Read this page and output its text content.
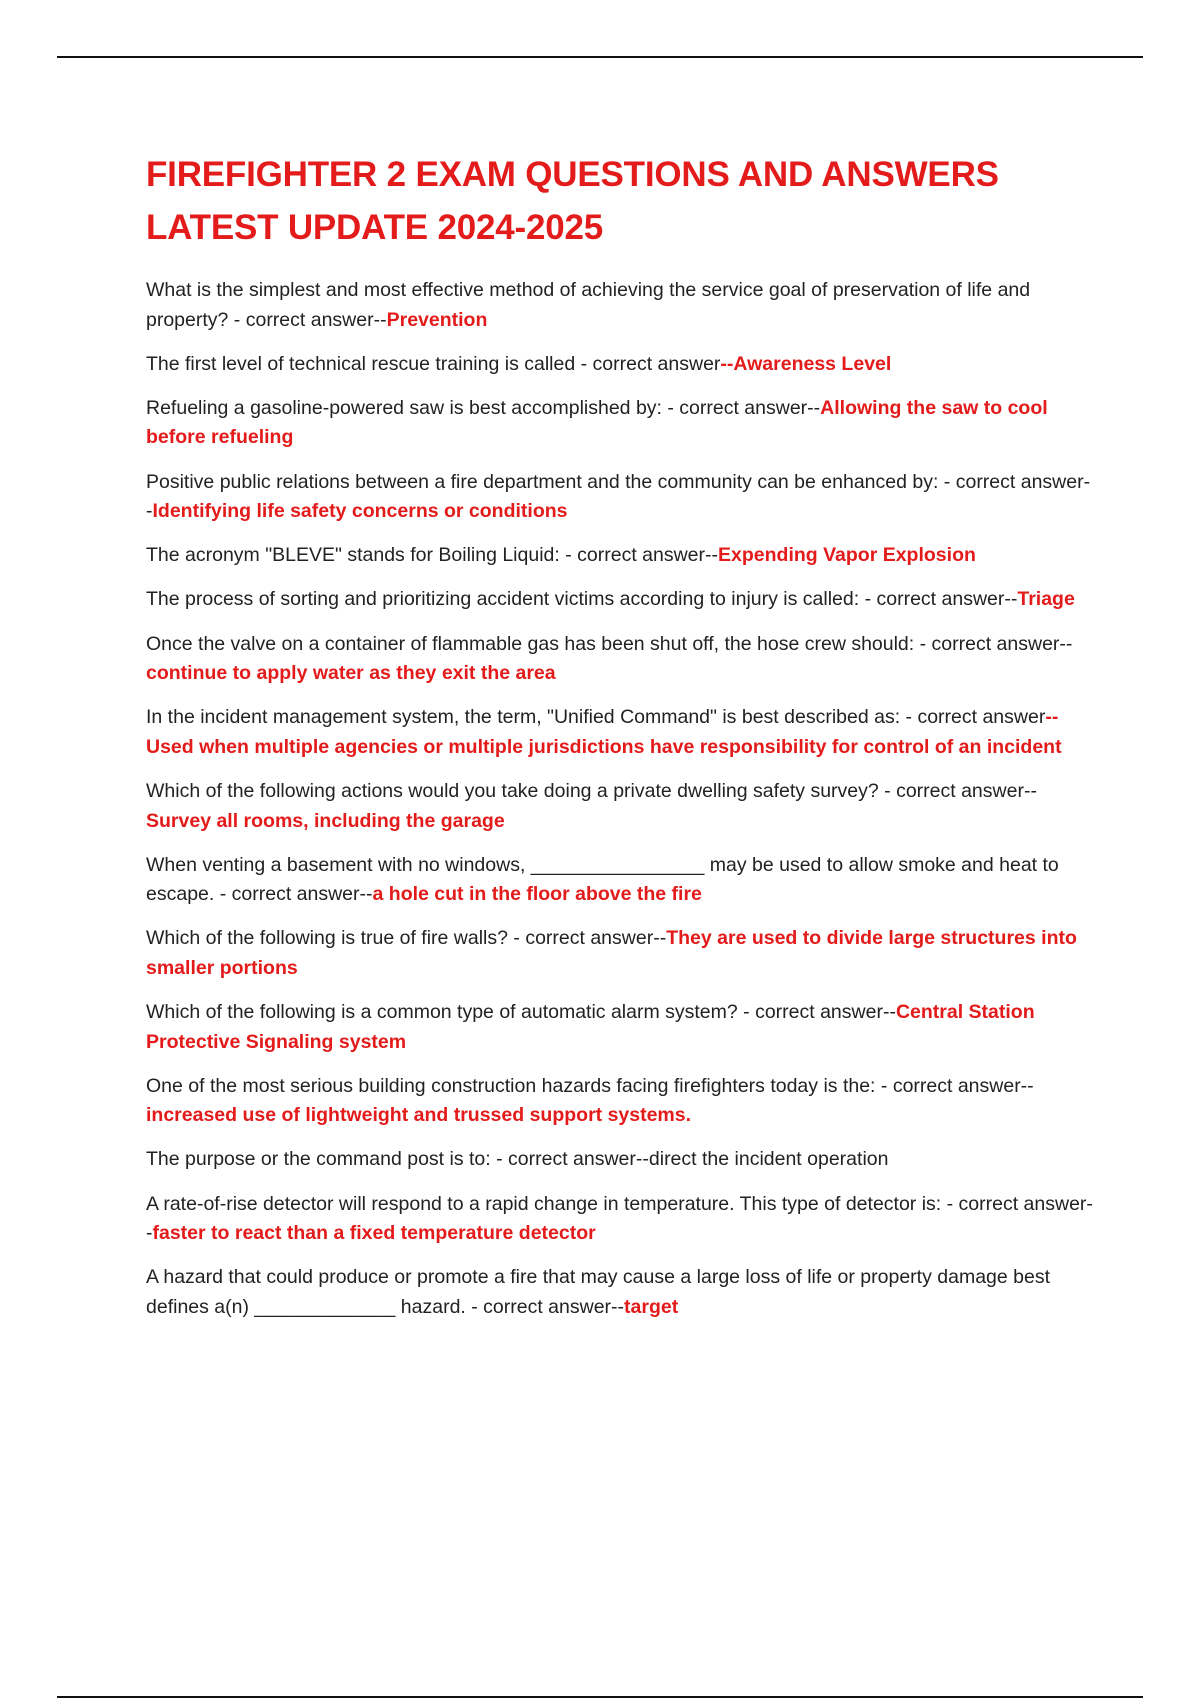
FIREFIGHTER 2 EXAM QUESTIONS AND ANSWERS
LATEST UPDATE 2024-2025
What is the simplest and most effective method of achieving the service goal of preservation of life and property? - correct answer--Prevention
The first level of technical rescue training is called - correct answer--Awareness Level
Refueling a gasoline-powered saw is best accomplished by: - correct answer--Allowing the saw to cool before refueling
Positive public relations between a fire department and the community can be enhanced by: - correct answer--Identifying life safety concerns or conditions
The acronym "BLEVE" stands for Boiling Liquid: - correct answer--Expending Vapor Explosion
The process of sorting and prioritizing accident victims according to injury is called: - correct answer--Triage
Once the valve on a container of flammable gas has been shut off, the hose crew should: - correct answer--continue to apply water as they exit the area
In the incident management system, the term, "Unified Command" is best described as: - correct answer--Used when multiple agencies or multiple jurisdictions have responsibility for control of an incident
Which of the following actions would you take doing a private dwelling safety survey? - correct answer--Survey all rooms, including the garage
When venting a basement with no windows, ________________ may be used to allow smoke and heat to escape. - correct answer--a hole cut in the floor above the fire
Which of the following is true of fire walls? - correct answer--They are used to divide large structures into smaller portions
Which of the following is a common type of automatic alarm system? - correct answer--Central Station Protective Signaling system
One of the most serious building construction hazards facing firefighters today is the: - correct answer--increased use of lightweight and trussed support systems.
The purpose or the command post is to: - correct answer--direct the incident operation
A rate-of-rise detector will respond to a rapid change in temperature. This type of detector is: - correct answer--faster to react than a fixed temperature detector
A hazard that could produce or promote a fire that may cause a large loss of life or property damage best defines a(n) _____________ hazard. - correct answer--target
